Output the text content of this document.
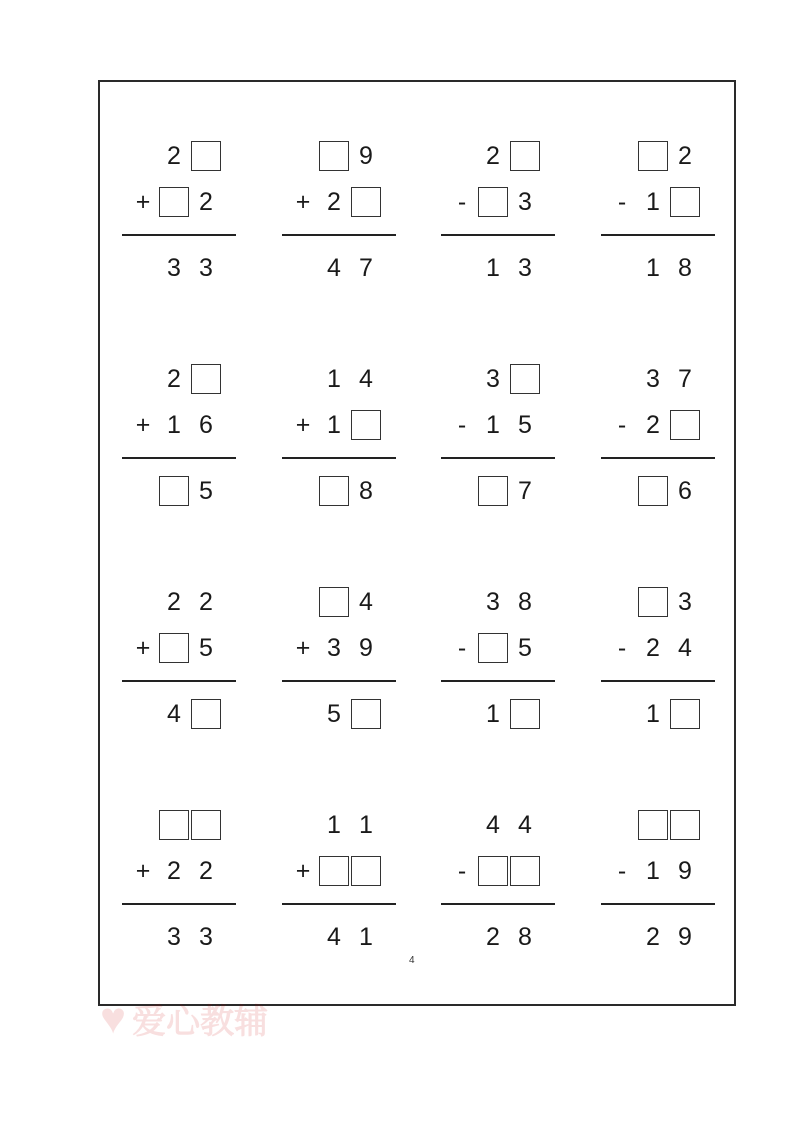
2
+	2
3 3
9
+ 2
4 7
2
-	3
1 3
2
- 1
1 8
2
+ 1 6
5
1 4
+ 1
8
3
- 1 5
7
3 7
- 2
6
2 2
+	5
4
4
+ 3 9
5
3 8
-	5
1
3
- 2 4
1
+ 2 2
3 3
1 1
+
4 1
4 4
-
2 8
- 1 9
2 9
4
♥ 爱心教辅
